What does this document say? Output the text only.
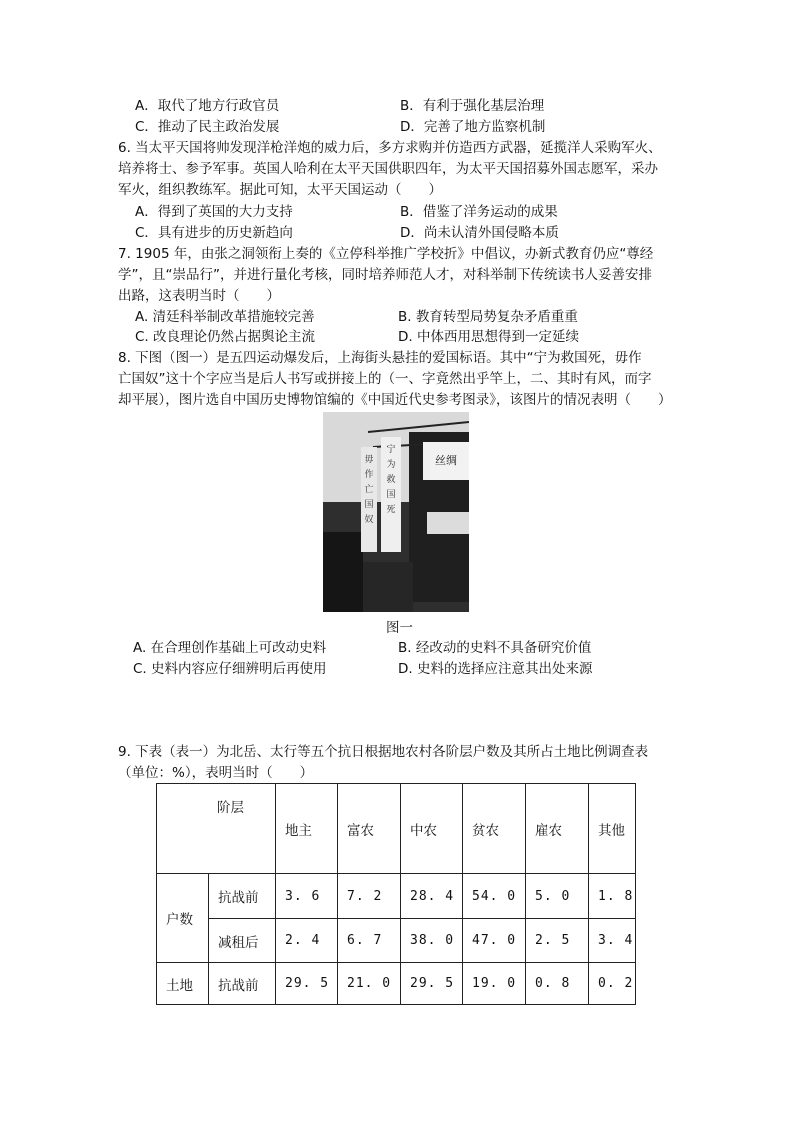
A．取代了地方行政官员	B．有利于强化基层治理
C．推动了民主政治发展	D．完善了地方监察机制
6. 当太平天国将帅发现洋枪洋炮的威力后，多方求购并仿造西方武器，延揽洋人采购军火、
培养将士、参予军事。英国人哈利在太平天国供职四年，为太平天国招募外国志愿军，采办
军火，组织教练军。据此可知，太平天国运动（　　）
A．得到了英国的大力支持	B．借鉴了洋务运动的成果
C．具有进步的历史新趋向	D．尚未认清外国侵略本质
7. 1905 年，由张之洞领衔上奏的《立停科举推广学校折》中倡议，办新式教育仍应“尊经
学”，且“崇品行”，并进行量化考核，同时培养师范人才，对科举制下传统读书人妥善安排
出路，这表明当时（　　）
A. 清廷科举制改革措施较完善	B. 教育转型局势复杂矛盾重重
C. 改良理论仍然占据舆论主流	D. 中体西用思想得到一定延续
8. 下图（图一）是五四运动爆发后，上海街头悬挂的爱国标语。其中“宁为救国死，毋作
亡国奴”这十个字应当是后人书写或拼接上的（一、字竟然出乎竿上，二、其时有风，而字
却平展），图片选自中国历史博物馆编的《中国近代史参考图录》，该图片的情况表明（　　）
宁
为
救
国
死
毋
作
亡
国
奴
丝绸
图一
A. 在合理创作基础上可改动史料	B. 经改动的史料不具备研究价值
C. 史料内容应仔细辨明后再使用	D. 史料的选择应注意其出处来源
9. 下表（表一）为北岳、太行等五个抗日根据地农村各阶层户数及其所占土地比例调查表
（单位：%），表明当时（　　）
阶层		地主	富农	中农	贫农	雇农	其他
户数	抗战前	3. 6	7. 2	28. 4	54. 0	5. 0	1. 8
	减租后	2. 4	6. 7	38. 0	47. 0	2. 5	3. 4
土地	抗战前	29. 5	21. 0	29. 5	19. 0	0. 8	0. 2
